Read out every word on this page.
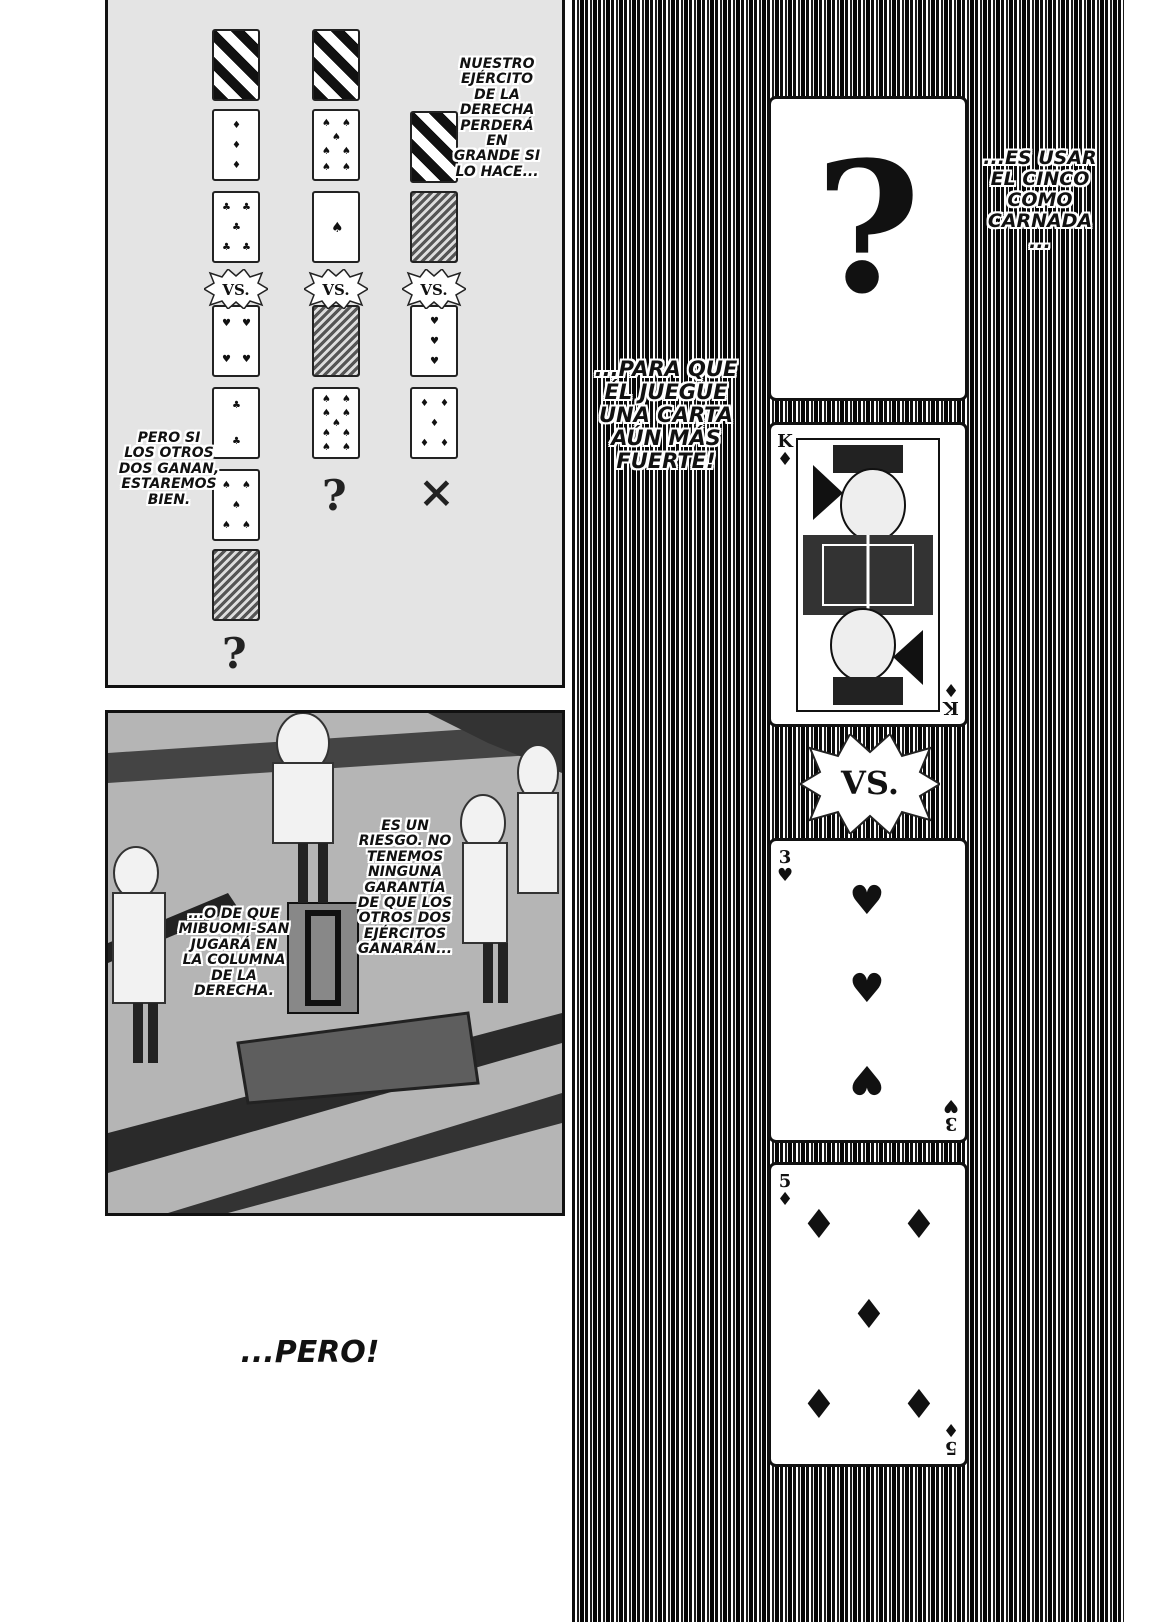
♦
♦
♦
♣ ♣
♣
♣ ♣
♥ ♥
♥ ♥
♣
♣
♠ ♠
♠
♠ ♠
?
♠ ♠
♠
♠ ♠
♠ ♠
♠
♠ ♠
♠ ♠
♠
♠ ♠
♠ ♠
?
♥
♥
♥
♦ ♦
♦
♦ ♦
×
VS.	VS.	VS.
NUESTRO
EJÉRCITO
DE LA
DERECHA
PERDERÁ
EN
GRANDE SI
LO HACE...
PERO SI
LOS OTROS
DOS GANAN,
ESTAREMOS
BIEN.
ES UN
RIESGO. NO
TENEMOS
NINGUNA
GARANTÍA
DE QUE LOS
OTROS DOS
EJÉRCITOS
GANARÁN...
...O DE QUE
MIBUOMI-SAN
JUGARÁ EN
LA COLUMNA
DE LA
DERECHA.
...PERO!
?
K
♦
K
♦
VS.
3
♥
3
♥
♥
♥
♥
5
♦
5
♦
♦ ♦
♦
♦ ♦
...ES USAR
EL CINCO
COMO
CARNADA
...
...PARA QUE
ÉL JUEGUE
UNA CARTA
AÚN MÁS
FUERTE!
